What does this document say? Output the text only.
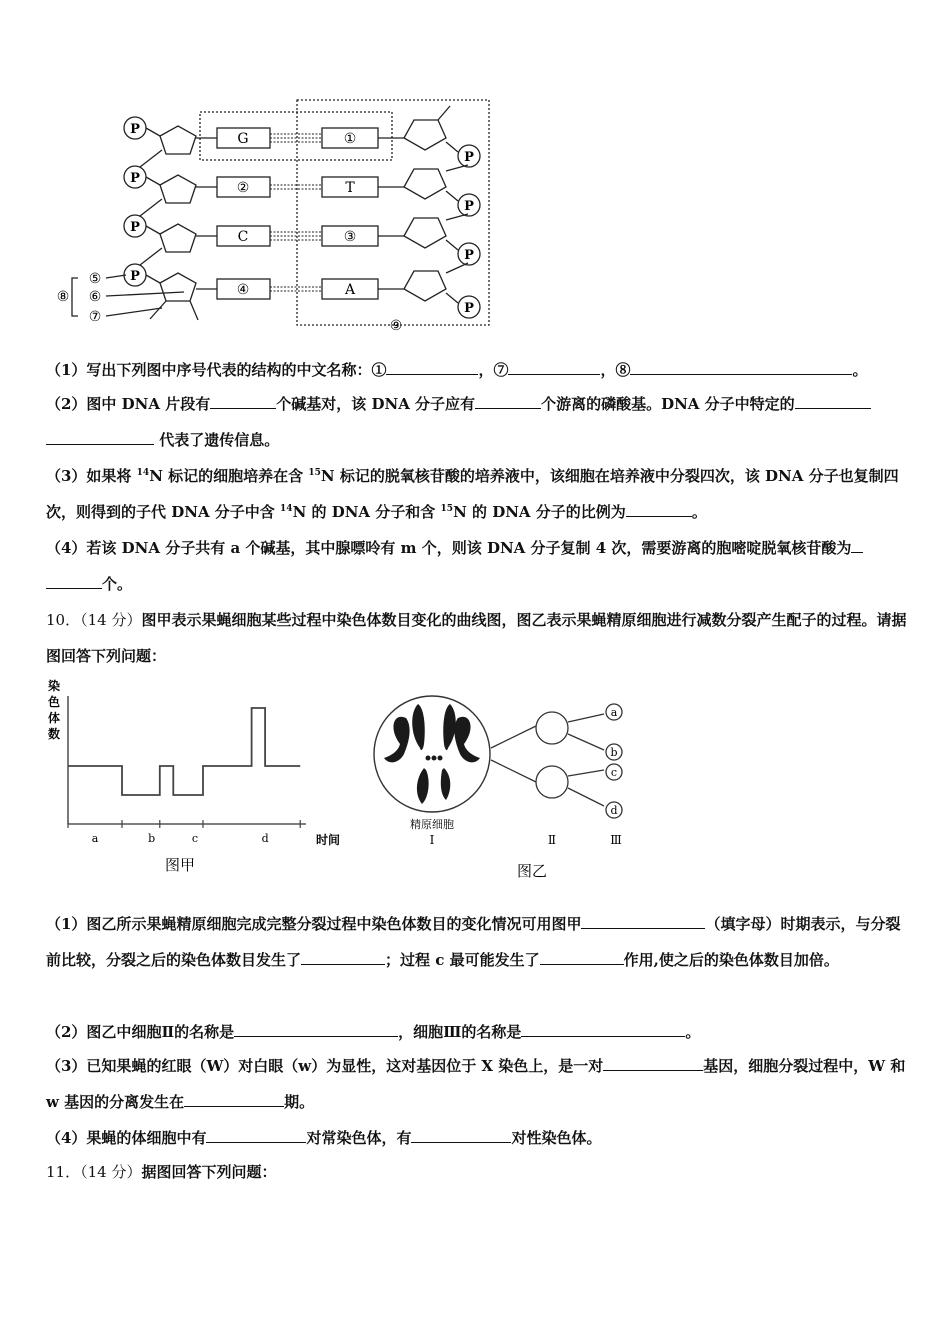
P
P
P
P
P
P
P
P
G
②
C
④
①
T
③
A
⑤
⑥
⑦
⑧
⑨
（1）写出下列图中序号代表的结构的中文名称：①	，⑦	，⑧	。
（2）图中 DNA 片段有	个碱基对，该 DNA 分子应有	个游离的磷酸基。DNA 分子中特定的
代表了遗传信息。
（3）如果将 $^{14}$N 标记的细胞培养在含 $^{15}$N 标记的脱氧核苷酸的培养液中，该细胞在培养液中分裂四次，该 DNA 分子也复制四次，则得到的子代 DNA 分子中含 $^{14}$N 的 DNA 分子和含 $^{15}$N 的 DNA 分子的比例为	。
（4）若该 DNA 分子共有 a 个碱基，其中腺嘌呤有 m 个，则该 DNA 分子复制 4 次，需要游离的胞嘧啶脱氧核苷酸为
个。
10．（14 分）图甲表示果蝇细胞某些过程中染色体数目变化的曲线图，图乙表示果蝇精原细胞进行减数分裂产生配子的过程。请据图回答下列问题：
染
色
体
数
a	b	c	d	时间
图甲
a
b
c
d
精原细胞
Ⅰ	Ⅱ	Ⅲ
图乙
（1）图乙所示果蝇精原细胞完成完整分裂过程中染色体数目的变化情况可用图甲	（填字母）时期表示，与分裂前比较，分裂之后的染色体数目发生了	；过程 c 最可能发生了	作用,使之后的染色体数目加倍。
（2）图乙中细胞Ⅱ的名称是	，细胞Ⅲ的名称是	。
（3）已知果蝇的红眼（W）对白眼（w）为显性，这对基因位于 X 染色上，是一对	基因，细胞分裂过程中，W 和 w 基因的分离发生在	期。
（4）果蝇的体细胞中有	对常染色体，有	对性染色体。
11．（14 分）据图回答下列问题：
